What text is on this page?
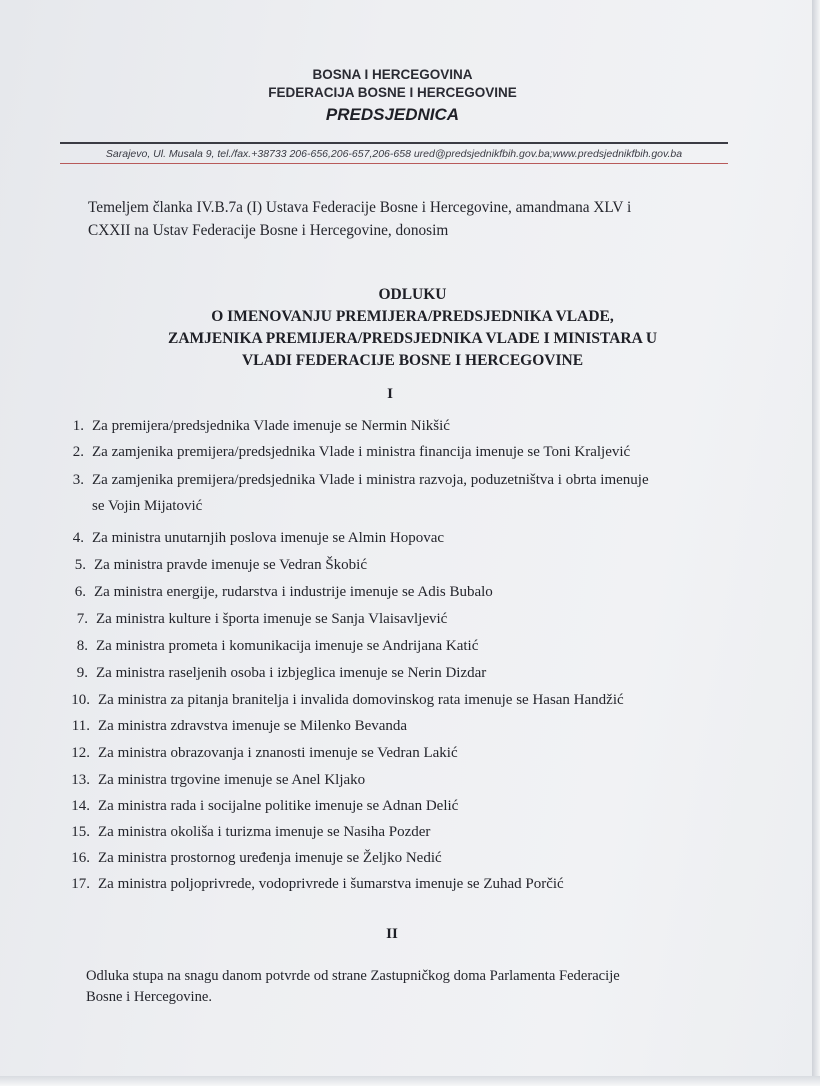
BOSNA I HERCEGOVINA
FEDERACIJA BOSNE I HERCEGOVINE
PREDSJEDNICA
Sarajevo, Ul. Musala 9, tel./fax.+38733 206-656,206-657,206-658 ured@predsjednikfbih.gov.ba;www.predsjednikfbih.gov.ba
Temeljem članka IV.B.7a (I) Ustava Federacije Bosne i Hercegovine, amandmana XLV i
CXXII na Ustav Federacije Bosne i Hercegovine, donosim
ODLUKU
O IMENOVANJU PREMIJERA/PREDSJEDNIKA VLADE,
ZAMJENIKA PREMIJERA/PREDSJEDNIKA VLADE I MINISTARA U
VLADI FEDERACIJE BOSNE I HERCEGOVINE
I
1. Za premijera/predsjednika Vlade imenuje se Nermin Nikšić
2. Za zamjenika premijera/predsjednika Vlade i ministra financija imenuje se Toni Kraljević
3. Za zamjenika premijera/predsjednika Vlade i ministra razvoja, poduzetništva i obrta imenuje
se Vojin Mijatović
4. Za ministra unutarnjih poslova imenuje se Almin Hopovac
5. Za ministra pravde imenuje se Vedran Škobić
6. Za ministra energije, rudarstva i industrije imenuje se Adis Bubalo
7. Za ministra kulture i športa imenuje se Sanja Vlaisavljević
8. Za ministra prometa i komunikacija imenuje se Andrijana Katić
9. Za ministra raseljenih osoba i izbjeglica imenuje se Nerin Dizdar
10. Za ministra za pitanja branitelja i invalida domovinskog rata imenuje se Hasan Handžić
11. Za ministra zdravstva imenuje se Milenko Bevanda
12. Za ministra obrazovanja i znanosti imenuje se Vedran Lakić
13. Za ministra trgovine imenuje se Anel Kljako
14. Za ministra rada i socijalne politike imenuje se Adnan Delić
15. Za ministra okoliša i turizma imenuje se Nasiha Pozder
16. Za ministra prostornog uređenja imenuje se Željko Nedić
17. Za ministra poljoprivrede, vodoprivrede i šumarstva imenuje se Zuhad Porčić
II
Odluka stupa na snagu danom potvrde od strane Zastupničkog doma Parlamenta Federacije
Bosne i Hercegovine.
